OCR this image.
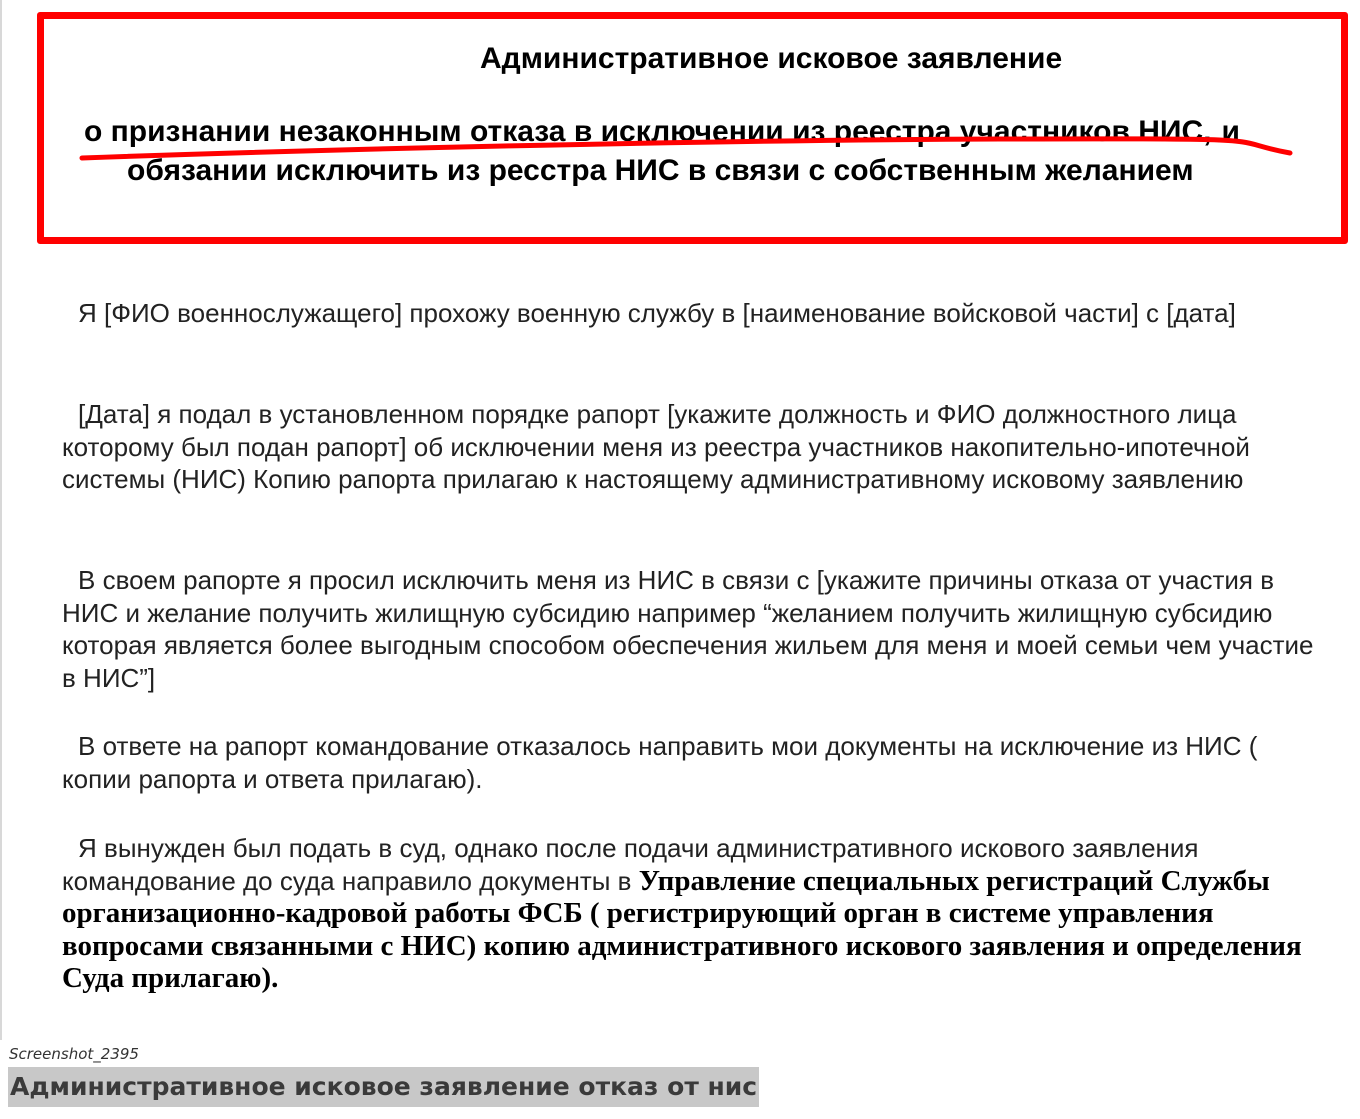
Административное исковое заявление
о признании незаконным отказа в исключении из реестра участников НИС, и
обязании исключить из ресстра НИС в связи с собственным желанием
Я [ФИО военнослужащего] прохожу военную службу в [наименование войсковой части] с [дата]
[Дата] я подал в установленном порядке рапорт [укажите должность и ФИО должностного лица которому был подан рапорт] об исключении меня из реестра участников накопительно-ипотечной системы (НИС) Копию рапорта прилагаю к настоящему административному исковому заявлению
В своем рапорте я просил исключить меня из НИС в связи с [укажите причины отказа от участия в НИС и желание получить жилищную субсидию например “желанием получить жилищную субсидию которая является более выгодным способом обеспечения жильем для меня и моей семьи чем участие в НИС”]
В ответе на рапорт командование отказалось направить мои документы на исключение из НИС ( копии рапорта и ответа прилагаю).
Я вынужден был подать в суд, однако после подачи административного искового заявления командование до суда направило документы в Управление специальных регистраций Службы организационно-кадровой работы ФСБ ( регистрирующий орган в системе управления вопросами связанными с НИС) копию административного искового заявления и определения Суда прилагаю).
Screenshot_2395
Административное исковое заявление отказ от нис
